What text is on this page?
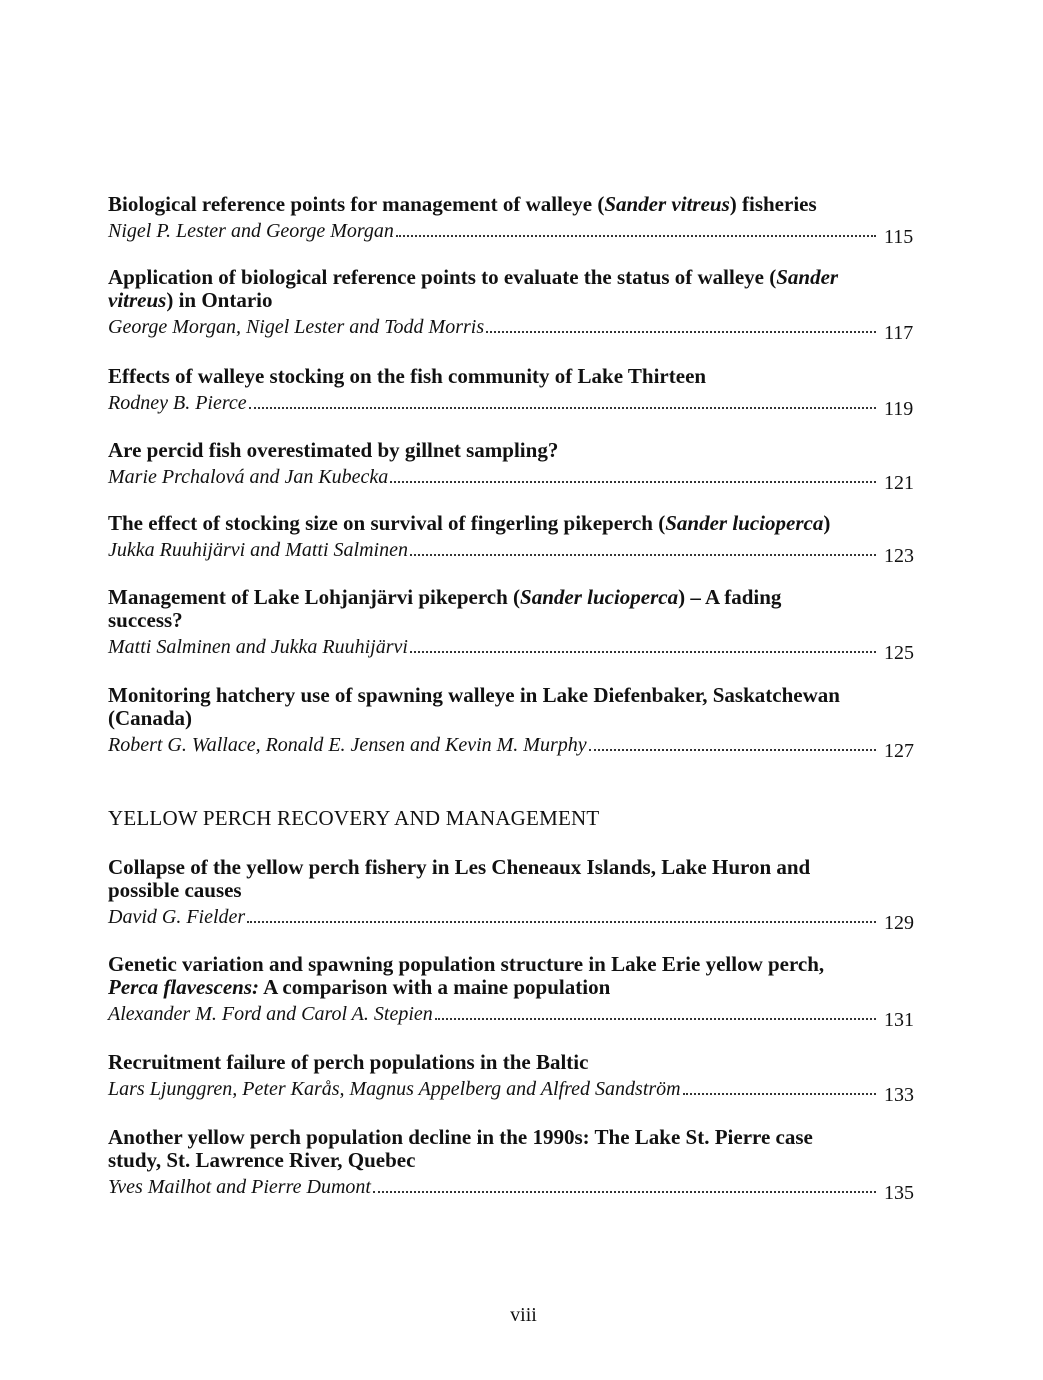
Biological reference points for management of walleye (Sander vitreus) fisheries

Nigel P. Lester and George Morgan	115

Application of biological reference points to evaluate the status of walleye (Sander vitreus) in Ontario

George Morgan, Nigel Lester and Todd Morris	117

Effects of walleye stocking on the fish community of Lake Thirteen

Rodney B. Pierce	119

Are percid fish overestimated by gillnet sampling?

Marie Prchalová and Jan Kubecka	121

The effect of stocking size on survival of fingerling pikeperch (Sander lucioperca)

Jukka Ruuhijärvi and Matti Salminen	123

Management of Lake Lohjanjärvi pikeperch (Sander lucioperca) – A fading success?

Matti Salminen and Jukka Ruuhijärvi	125

Monitoring hatchery use of spawning walleye in Lake Diefenbaker, Saskatchewan (Canada)

Robert G. Wallace, Ronald E. Jensen and Kevin M. Murphy	127
YELLOW PERCH RECOVERY AND MANAGEMENT

Collapse of the yellow perch fishery in Les Cheneaux Islands, Lake Huron and possible causes

David G. Fielder	129

Genetic variation and spawning population structure in Lake Erie yellow perch, Perca flavescens: A comparison with a maine population

Alexander M. Ford and Carol A. Stepien	131

Recruitment failure of perch populations in the Baltic

Lars Ljunggren, Peter Karås, Magnus Appelberg and Alfred Sandström	133

Another yellow perch population decline in the 1990s: The Lake St. Pierre case study, St. Lawrence River, Quebec

Yves Mailhot and Pierre Dumont	135
viii
